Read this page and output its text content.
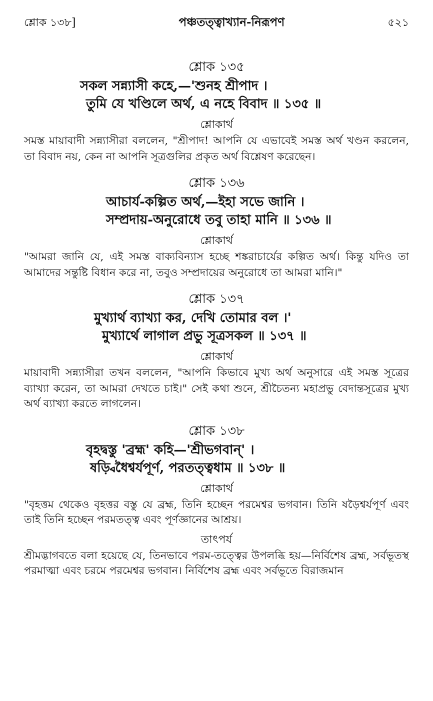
শ্লোক ১৩৮]	পঞ্চতত্ত্বাখ্যান-নিরূপণ	৫২১
শ্লোক ১৩৫
সকল সন্ন্যাসী কহে,—'শুনহ শ্রীপাদ ।
তুমি যে খণ্ডিলে অর্থ, এ নহে বিবাদ ॥ ১৩৫ ॥
শ্লোকার্থ

সমস্ত মায়াবাদী সন্ন্যাসীরা বললেন, "শ্রীপাদ! আপনি যে এভাবেই সমস্ত অর্থ খণ্ডন করলেন, তা বিবাদ নয়, কেন না আপনি সূত্রগুলির প্রকৃত অর্থ বিশ্লেষণ করেছেন।

শ্লোক ১৩৬
আচার্য-কল্পিত অর্থ,—ইহা সভে জানি ।
সম্প্রদায়-অনুরোধে তবু তাহা মানি ॥ ১৩৬ ॥
শ্লোকার্থ

"আমরা জানি যে, এই সমস্ত বাক্যবিন্যাস হচ্ছে শঙ্করাচার্যের কল্পিত অর্থ। কিন্তু যদিও তা আমাদের সন্তুষ্টি বিধান করে না, তবুও সম্প্রদায়ের অনুরোধে তা আমরা মানি।"

শ্লোক ১৩৭
মুখ্যার্থ ব্যাখ্যা কর, দেখি তোমার বল ।'
মুখ্যার্থে লাগাল প্রভু সূত্রসকল ॥ ১৩৭ ॥
শ্লোকার্থ

মায়াবাদী সন্ন্যাসীরা তখন বললেন, "আপনি কিভাবে মুখ্য অর্থ অনুসারে এই সমস্ত সূত্রের ব্যাখ্যা করেন, তা আমরা দেখতে চাই।" সেই কথা শুনে, শ্রীচৈতন্য মহাপ্রভু বেদান্তসূত্রের মুখ্য অর্থ ব্যাখ্যা করতে লাগলেন।

শ্লোক ১৩৮
বৃহদ্বস্তু 'ব্রহ্ম' কহি—'শ্রীভগবান্' ।
ষড়্বিধৈশ্বর্যপূর্ণ, পরতত্ত্বধাম ॥ ১৩৮ ॥
শ্লোকার্থ

"বৃহত্তম থেকেও বৃহত্তর বস্তু যে ব্রহ্ম, তিনি হচ্ছেন পরমেশ্বর ভগবান। তিনি ষড়ৈশ্বর্যপূর্ণ এবং তাই তিনি হচ্ছেন পরমতত্ত্ব এবং পূর্ণজ্ঞানের আশ্রয়।

তাৎপর্য

শ্রীমদ্ভাগবতে বলা হয়েছে যে, তিনভাবে পরম-তত্ত্বের উপলব্ধি হয়—নির্বিশেষ ব্রহ্ম, সর্বভূতস্থ পরমাত্মা এবং চরমে পরমেশ্বর ভগবান। নির্বিশেষ ব্রহ্ম এবং সর্বভূতে বিরাজমান
